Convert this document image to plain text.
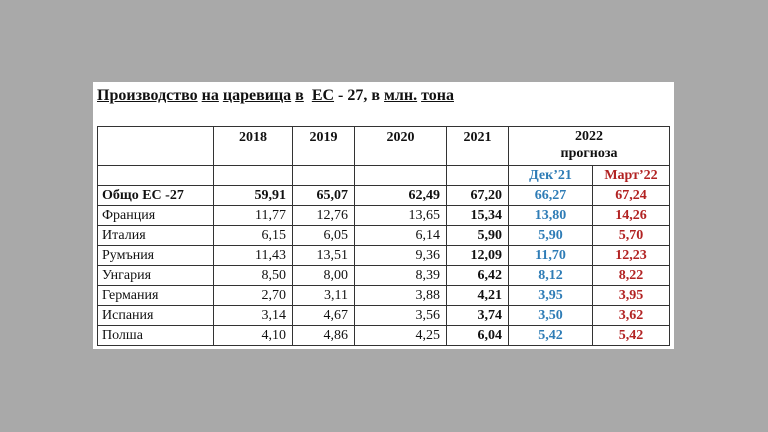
Производство на царевица в ЕС - 27, в млн. тона
	2018	2019	2020	2021	2022
прогноза	

					Дек’21	Март’22
Общо ЕС -27	59,91	65,07	62,49	67,20	66,27	67,24
Франция	11,77	12,76	13,65	15,34	13,80	14,26
Италия	6,15	6,05	6,14	5,90	5,90	5,70
Румъния	11,43	13,51	9,36	12,09	11,70	12,23
Унгария	8,50	8,00	8,39	6,42	8,12	8,22
Германия	2,70	3,11	3,88	4,21	3,95	3,95
Испания	3,14	4,67	3,56	3,74	3,50	3,62
Полша	4,10	4,86	4,25	6,04	5,42	5,42
